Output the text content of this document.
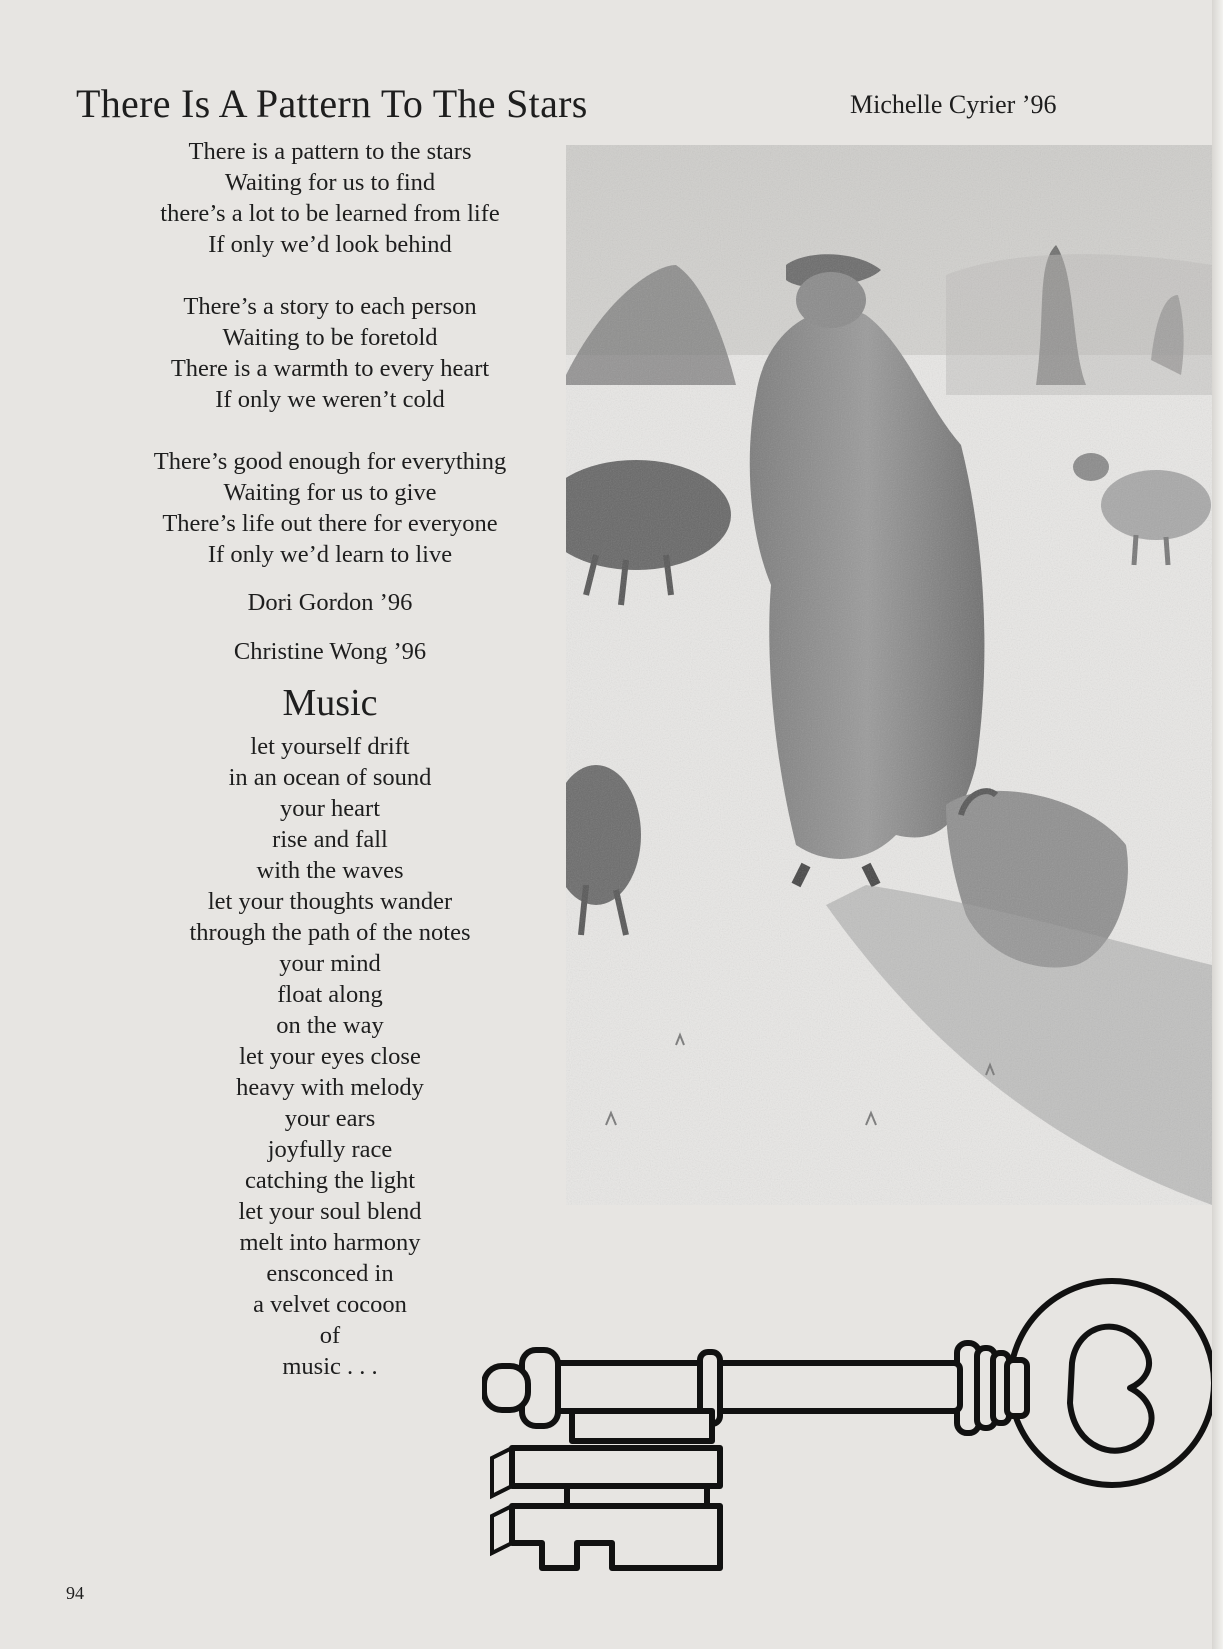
There Is A Pattern To The Stars	Michelle Cyrier ’96
There is a pattern to the stars
Waiting for us to find
there’s a lot to be learned from life
If only we’d look behind
There’s a story to each person
Waiting to be foretold
There is a warmth to every heart
If only we weren’t cold
There’s good enough for everything
Waiting for us to give
There’s life out there for everyone
If only we’d learn to live
Dori Gordon ’96
Christine Wong ’96
Music
let yourself drift
in an ocean of sound
your heart
rise and fall
with the waves
let your thoughts wander
through the path of the notes
your mind
float along
on the way
let your eyes close
heavy with melody
your ears
joyfully race
catching the light
let your soul blend
melt into harmony
ensconced in
a velvet cocoon
of
music . . .
94
